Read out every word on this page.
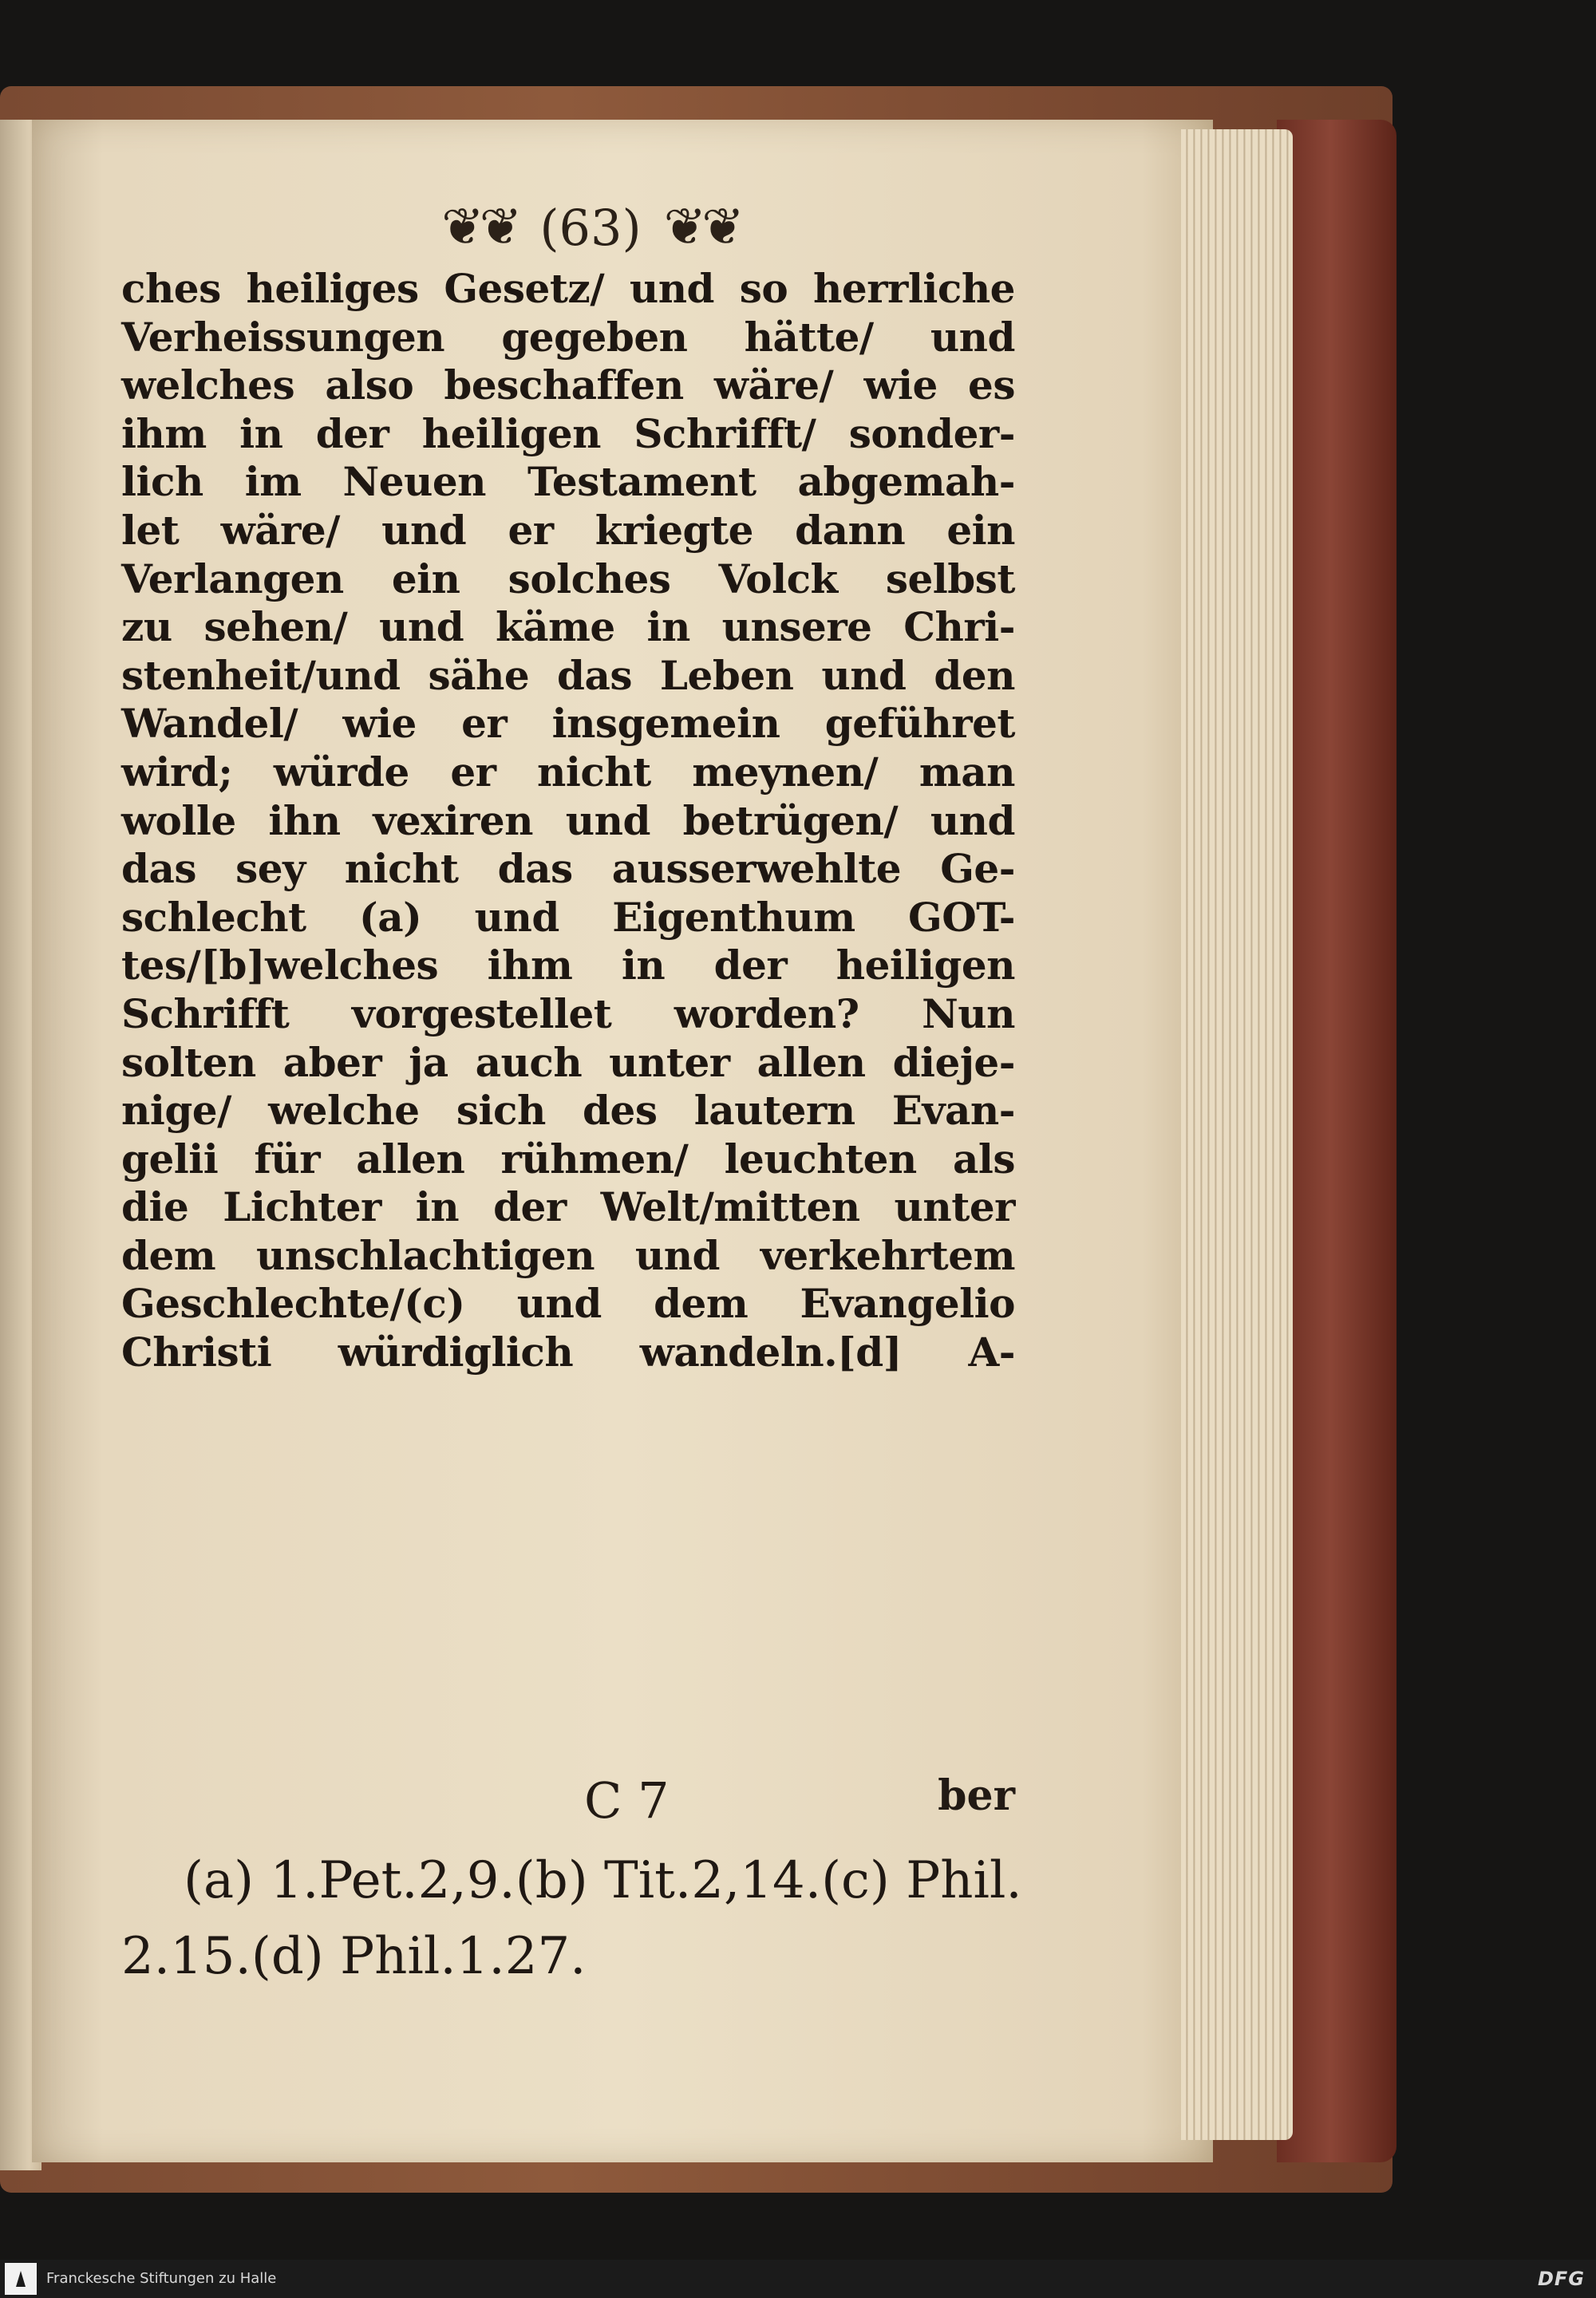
❦❦ (63) ❦❦
ches heiliges Gesetz/ und so herrliche
Verheissungen gegeben hätte/ und
welches also beschaffen wäre/ wie es
ihm in der heiligen Schrifft/ sonder-
lich im Neuen Testament abgemah-
let wäre/ und er kriegte dann ein
Verlangen ein solches Volck selbst
zu sehen/ und käme in unsere Chri-
stenheit/und sähe das Leben und den
Wandel/ wie er insgemein geführet
wird; würde er nicht meynen/ man
wolle ihn vexiren und betrügen/ und
das sey nicht das ausserwehlte Ge-
schlecht (a) und Eigenthum GOT-
tes/[b]welches ihm in der heiligen
Schrifft vorgestellet worden? Nun
solten aber ja auch unter allen dieje-
nige/ welche sich des lautern Evan-
gelii für allen rühmen/ leuchten als
die Lichter in der Welt/mitten unter
dem unschlachtigen und verkehrtem
Geschlechte/(c) und dem Evangelio
Christi würdiglich wandeln.[d] A-
C 7	ber
(a) 1.Pet.2,9.(b) Tit.2,14.(c) Phil.
2.15.(d) Phil.1.27.
Franckesche Stiftungen zu Halle	DFG
